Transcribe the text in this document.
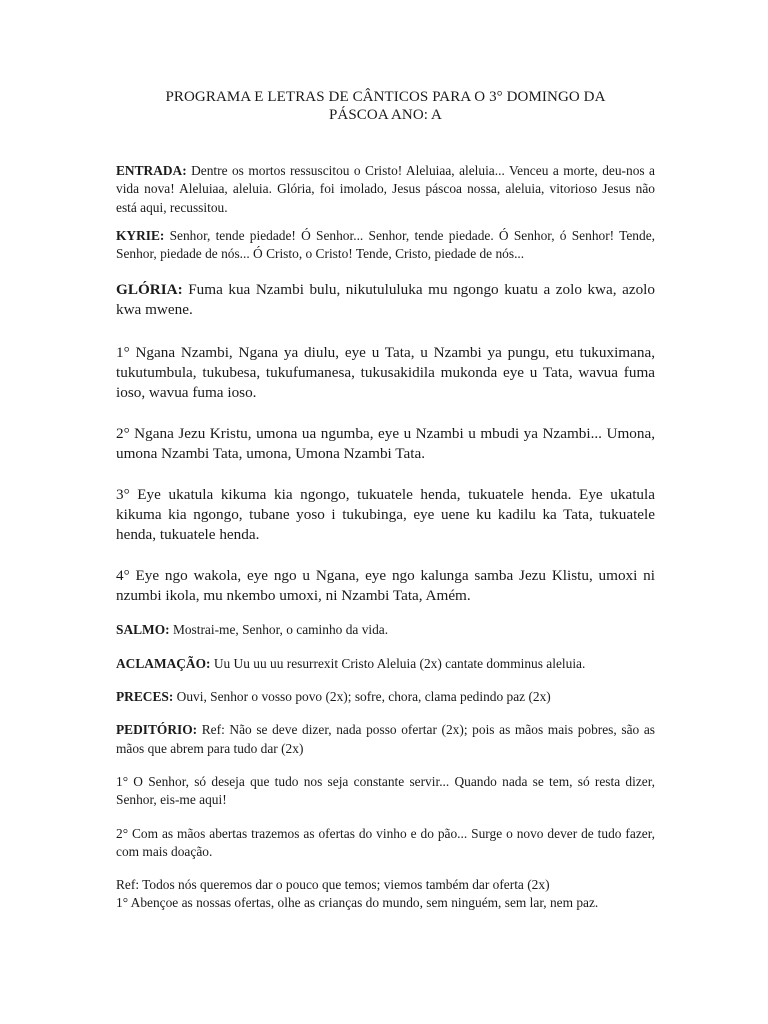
PROGRAMA E LETRAS DE CÂNTICOS PARA O 3° DOMINGO DA
PÁSCOA ANO: A

ENTRADA: Dentre os mortos ressuscitou o Cristo! Aleluiaa, aleluia... Venceu a morte, deu-nos a vida nova! Aleluiaa, aleluia. Glória, foi imolado, Jesus páscoa nossa, aleluia, vitorioso Jesus não está aqui, recussitou.

KYRIE: Senhor, tende piedade! Ó Senhor... Senhor, tende piedade. Ó Senhor, ó Senhor! Tende, Senhor, piedade de nós... Ó Cristo, o Cristo! Tende, Cristo, piedade de nós...

GLÓRIA: Fuma kua Nzambi bulu, nikutululuka mu ngongo kuatu a zolo kwa, azolo kwa mwene.

1° Ngana Nzambi, Ngana ya diulu, eye u Tata, u Nzambi ya pungu, etu tukuximana, tukutumbula, tukubesa, tukufumanesa, tukusakidila mukonda eye u Tata, wavua fuma ioso, wavua fuma ioso.

2° Ngana Jezu Kristu, umona ua ngumba, eye u Nzambi u mbudi ya Nzambi... Umona, umona Nzambi Tata, umona, Umona Nzambi Tata.

3° Eye ukatula kikuma kia ngongo, tukuatele henda, tukuatele henda. Eye ukatula kikuma kia ngongo, tubane yoso i tukubinga, eye uene ku kadilu ka Tata, tukuatele henda, tukuatele henda.

4° Eye ngo wakola, eye ngo u Ngana, eye ngo kalunga samba Jezu Klistu, umoxi ni nzumbi ikola, mu nkembo umoxi, ni Nzambi Tata, Amém.

SALMO: Mostrai-me, Senhor, o caminho da vida.

ACLAMAÇÃO: Uu Uu uu uu resurrexit Cristo Aleluia (2x) cantate domminus aleluia.

PRECES: Ouvi, Senhor o vosso povo (2x); sofre, chora, clama pedindo paz (2x)

PEDITÓRIO: Ref: Não se deve dizer, nada posso ofertar (2x); pois as mãos mais pobres, são as mãos que abrem para tudo dar (2x)

1° O Senhor, só deseja que tudo nos seja constante servir... Quando nada se tem, só resta dizer, Senhor, eis-me aqui!

2° Com as mãos abertas trazemos as ofertas do vinho e do pão... Surge o novo dever de tudo fazer, com mais doação.

Ref: Todos nós queremos dar o pouco que temos; viemos também dar oferta (2x)

1° Abençoe as nossas ofertas, olhe as crianças do mundo, sem ninguém, sem lar, nem paz.
